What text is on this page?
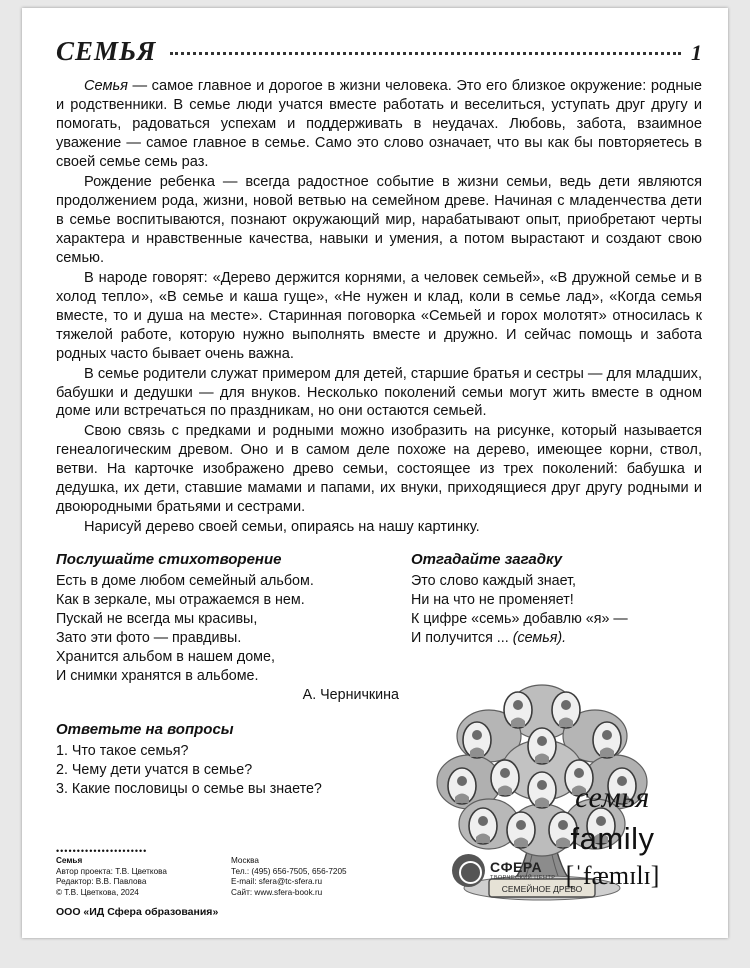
СЕМЬЯ	1

Семья — самое главное и дорогое в жизни человека. Это его близкое окружение: родные и родственники. В семье люди учатся вместе работать и веселиться, уступать друг другу и помогать, радоваться успехам и поддерживать в неудачах. Любовь, забота, взаимное уважение — самое главное в семье. Само это слово означает, что вы как бы повторяетесь в своей семье семь раз.

Рождение ребенка — всегда радостное событие в жизни семьи, ведь дети являются продолжением рода, жизни, новой ветвью на семейном древе. Начиная с младенчества дети в семье воспитываются, познают окружающий мир, нарабатывают опыт, приобретают черты характера и нравственные качества, навыки и умения, а потом вырастают и создают свою семью.

В народе говорят: «Дерево держится корнями, а человек семьей», «В дружной семье и в холод тепло», «В семье и каша гуще», «Не нужен и клад, коли в семье лад», «Когда семья вместе, то и душа на месте». Старинная поговорка «Семьей и горох молотят» относилась к тяжелой работе, которую нужно выполнять вместе и дружно. И сейчас помощь и забота родных часто бывает очень важна.

В семье родители служат примером для детей, старшие братья и сестры — для младших, бабушки и дедушки — для внуков. Несколько поколений семьи могут жить вместе в одном доме или встречаться по праздникам, но они остаются семьей.

Свою связь с предками и родными можно изобразить на рисунке, который называется генеалогическим древом. Оно и в самом деле похоже на дерево, имеющее корни, ствол, ветви. На карточке изображено древо семьи, состоящее из трех поколений: бабушка и дедушка, их дети, ставшие мамами и папами, их внуки, приходящиеся друг другу родными и двоюродными братьями и сестрами.

Нарисуй дерево своей семьи, опираясь на нашу картинку.

Послушайте стихотворение
Есть в доме любом семейный альбом.
Как в зеркале, мы отражаемся в нем.
Пускай не всегда мы красивы,
Зато эти фото — правдивы.
Хранится альбом в нашем доме,
И снимки хранятся в альбоме.
А. Черничкина
Ответьте на вопросы
1. Что такое семья?
2. Чему дети учатся в семье?
3. Какие пословицы о семье вы знаете?
Отгадайте загадку
Это слово каждый знает,
Ни на что не променяет!
К цифре «семь» добавлю «я» —
И получится ... (семья).
СЕМЕЙНОЕ ДРЕВО
семья
family
[ˈfæmɪlɪ]
••••••••••••••••••••••
Семья
Автор проекта: Т.В. Цветкова
Редактор: В.В. Павлова
© Т.В. Цветкова, 2024
ООО «ИД Сфера образования»
Москва
Тел.: (495) 656-7505, 656-7205
E-mail: sfera@tc-sfera.ru
Сайт: www.sfera-book.ru
СФЕРА
ТВОРЧЕСКИЙ ЦЕНТР
